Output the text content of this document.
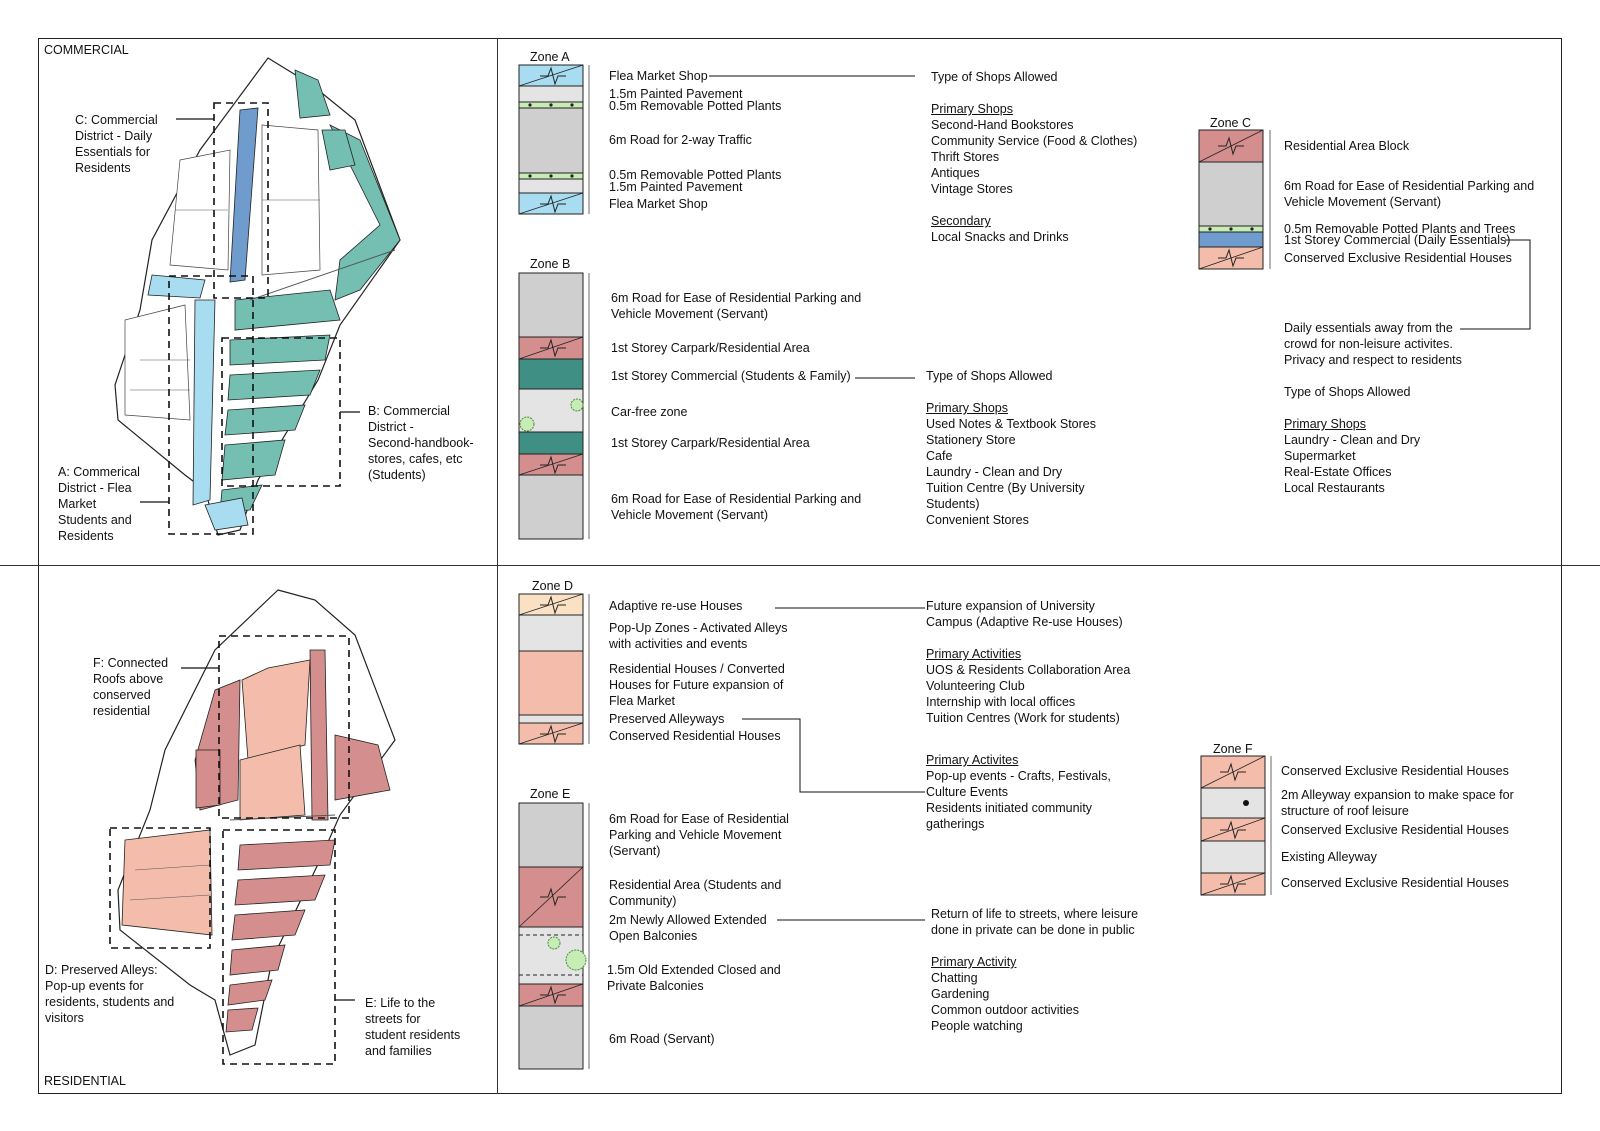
COMMERCIAL
RESIDENTIAL
C: Commercial
District - Daily
Essentials for
Residents
B: Commercial
District -
Second-handbook-
stores, cafes, etc
(Students)
A: Commerical
District - Flea
Market
Students and
Residents
F: Connected
Roofs above
conserved
residential
D: Preserved Alleys:
Pop-up events for
residents, students and
visitors
E: Life to the
streets for
student residents
and families
Zone A
Flea Market Shop
1.5m Painted Pavement
0.5m Removable Potted Plants
6m Road for 2-way Traffic
0.5m Removable Potted Plants
1.5m Painted Pavement
Flea Market Shop
Type of Shops Allowed
Primary Shops
Second-Hand Bookstores
Community Service (Food & Clothes)
Thrift Stores
Antiques
Vintage Stores
Secondary
Local Snacks and Drinks
Zone B
6m Road for Ease of Residential Parking and
Vehicle Movement (Servant)
1st Storey Carpark/Residential Area
1st Storey Commercial (Students & Family)
Car-free zone
1st Storey Carpark/Residential Area
6m Road for Ease of Residential Parking and
Vehicle Movement (Servant)
Type of Shops Allowed
Primary Shops
Used Notes & Textbook Stores
Stationery Store
Cafe
Laundry - Clean and Dry
Tuition Centre (By University
Students)
Convenient Stores
Zone C
Residential Area Block
6m Road for Ease of Residential Parking and
Vehicle Movement (Servant)
0.5m Removable Potted Plants and Trees
1st Storey Commercial (Daily Essentials)
Conserved Exclusive Residential Houses
Daily essentials away from the
crowd for non-leisure activites.
Privacy and respect to residents
Type of Shops Allowed
Primary Shops
Laundry - Clean and Dry
Supermarket
Real-Estate Offices
Local Restaurants
Zone D
Adaptive re-use Houses
Pop-Up Zones - Activated Alleys
with activities and events
Residential Houses / Converted
Houses for Future expansion of
Flea Market
Preserved Alleyways
Conserved Residential Houses
Future expansion of University
Campus (Adaptive Re-use Houses)
Primary Activities
UOS & Residents Collaboration Area
Volunteering Club
Internship with local offices
Tuition Centres (Work for students)
Primary Activites
Pop-up events - Crafts, Festivals,
Culture Events
Residents initiated community
gatherings
Zone E
6m Road for Ease of Residential
Parking and Vehicle Movement
(Servant)
Residential Area (Students and
Community)
2m Newly Allowed Extended
Open Balconies
1.5m Old Extended Closed and
Private Balconies
6m Road (Servant)
Return of life to streets, where leisure
done in private can be done in public
Primary Activity
Chatting
Gardening
Common outdoor activities
People watching
Zone F
Conserved Exclusive Residential Houses
2m Alleyway expansion to make space for
structure of roof leisure
Conserved Exclusive Residential Houses
Existing Alleyway
Conserved Exclusive Residential Houses
